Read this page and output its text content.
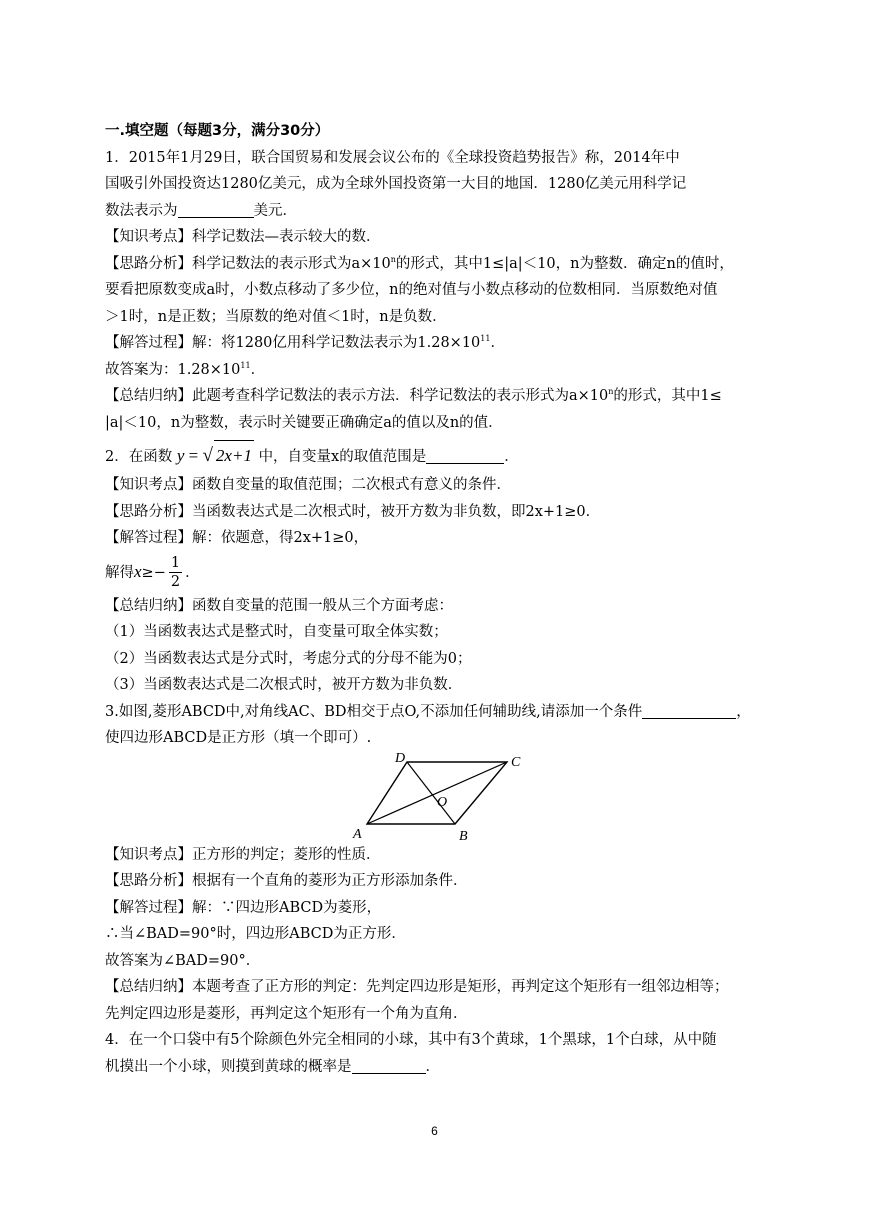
一.填空题（每题3分，满分30分）
1．2015年1月29日，联合国贸易和发展会议公布的《全球投资趋势报告》称，2014年中
国吸引外国投资达1280亿美元，成为全球外国投资第一大目的地国．1280亿美元用科学记
数法表示为	美元．
【知识考点】科学记数法—表示较大的数．
【思路分析】科学记数法的表示形式为$a\times 10^n$的形式，其中1≤|a|＜10，n为整数．确定n的值时，
要看把原数变成a时，小数点移动了多少位，n的绝对值与小数点移动的位数相同．当原数绝对值
＞1时，n是正数；当原数的绝对值＜1时，n是负数．
【解答过程】解：将1280亿用科学记数法表示为$1.28\times 10^{11}$．
故答案为：$1.28\times 10^{11}$．
【总结归纳】此题考查科学记数法的表示方法．科学记数法的表示形式为$a\times 10^n$的形式，其中1≤
|a|＜10，n为整数，表示时关键要正确确定a的值以及n的值．
2．在函数 y = √ 2x+1 中，自变量x的取值范围是	．
【知识考点】函数自变量的取值范围；二次根式有意义的条件．
【思路分析】当函数表达式是二次根式时，被开方数为非负数，即2x+1≥0．
【解答过程】解：依题意，得2x+1≥0，
解得$x\ge- \frac{1}{2}$ ．
【总结归纳】函数自变量的范围一般从三个方面考虑：
（1）当函数表达式是整式时，自变量可取全体实数；
（2）当函数表达式是分式时，考虑分式的分母不能为0；
（3）当函数表达式是二次根式时，被开方数为非负数．
3.如图,菱形ABCD中,对角线AC、BD相交于点O,不添加任何辅助线,请添加一个条件	，
使四边形ABCD是正方形（填一个即可）.
A	B
C
D
O
【知识考点】正方形的判定；菱形的性质．
【思路分析】根据有一个直角的菱形为正方形添加条件．
【解答过程】解：∵四边形ABCD为菱形，
∴当∠BAD=90°时，四边形ABCD为正方形．
故答案为∠BAD=90°．
【总结归纳】本题考查了正方形的判定：先判定四边形是矩形，再判定这个矩形有一组邻边相等；
先判定四边形是菱形，再判定这个矩形有一个角为直角．
4．在一个口袋中有5个除颜色外完全相同的小球，其中有3个黄球，1个黑球，1个白球，从中随
机摸出一个小球，则摸到黄球的概率是	．
6
